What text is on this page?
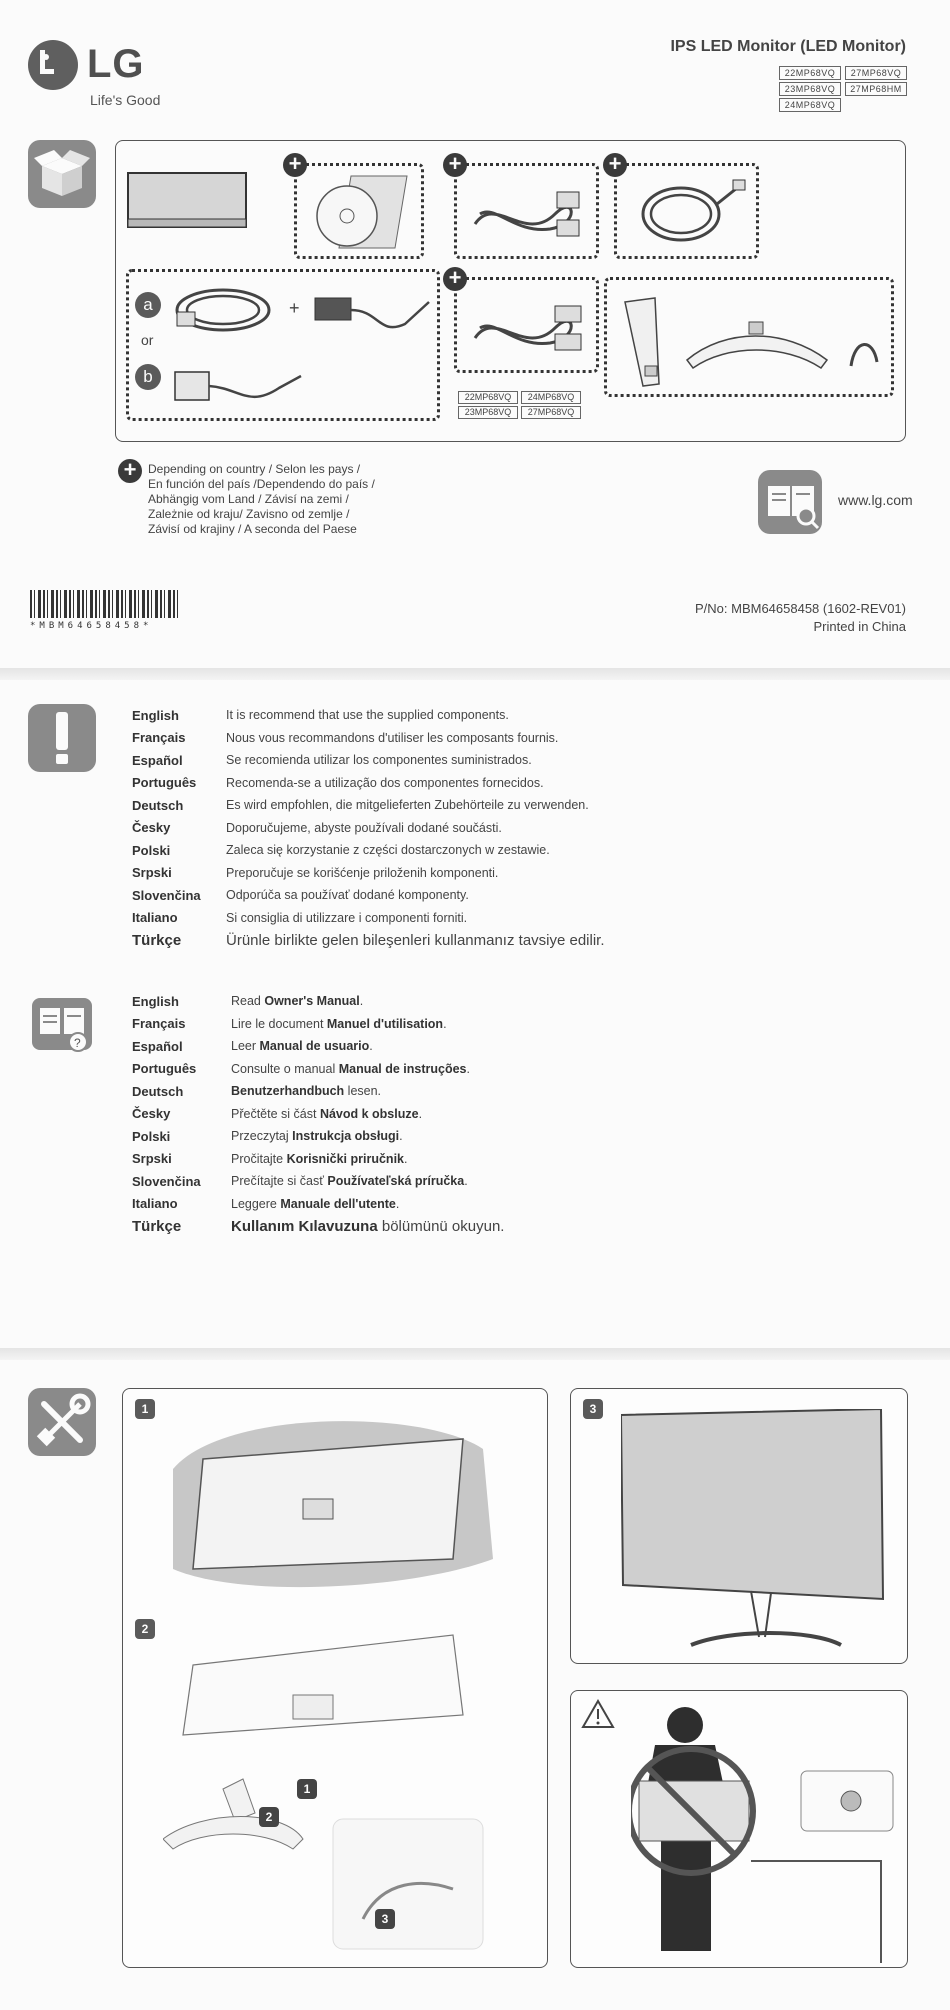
LG
Life's Good
IPS LED Monitor (LED Monitor)
22MP68VQ	27MP68VQ
23MP68VQ	27MP68HM
24MP68VQ
+	+	+
a
or
b
+
+
22MP68VQ	24MP68VQ
23MP68VQ	27MP68VQ
+ Depending on country / Selon les pays /
En función del país /Dependendo do país /
Abhängig vom Land / Závisí na zemi /
Zależnie od kraju/ Zavisno od zemlje /
Závisí od krajiny / A seconda del Paese
www.lg.com
*MBM64658458*
P/No: MBM64658458 (1602-REV01)
Printed in China
English	It is recommend that use the supplied components.
Français	Nous vous recommandons d'utiliser les composants fournis.
Español	Se recomienda utilizar los componentes suministrados.
Português	Recomenda-se a utilização dos componentes fornecidos.
Deutsch	Es wird empfohlen, die mitgelieferten Zubehörteile zu verwenden.
Česky	Doporučujeme, abyste používali dodané součásti.
Polski	Zaleca się korzystanie z części dostarczonych w zestawie.
Srpski	Preporučuje se korišćenje priloženih komponenti.
Slovenčina	Odporúča sa používať dodané komponenty.
Italiano	Si consiglia di utilizzare i componenti forniti.
Türkçe	Ürünle birlikte gelen bileşenleri kullanmanız tavsiye edilir.
?
English	Read Owner's Manual.
Français	Lire le document Manuel d'utilisation.
Español	Leer Manual de usuario.
Português	Consulte o manual Manual de instruções.
Deutsch	Benutzerhandbuch lesen.
Česky	Přečtěte si část Návod k obsluze.
Polski	Przeczytaj Instrukcja obsługi.
Srpski	Pročitajte Korisnički priručnik.
Slovenčina	Prečítajte si časť Používateľská príručka.
Italiano	Leggere Manuale dell'utente.
Türkçe	Kullanım Kılavuzuna bölümünü okuyun.
1
2
1
2
3
3
